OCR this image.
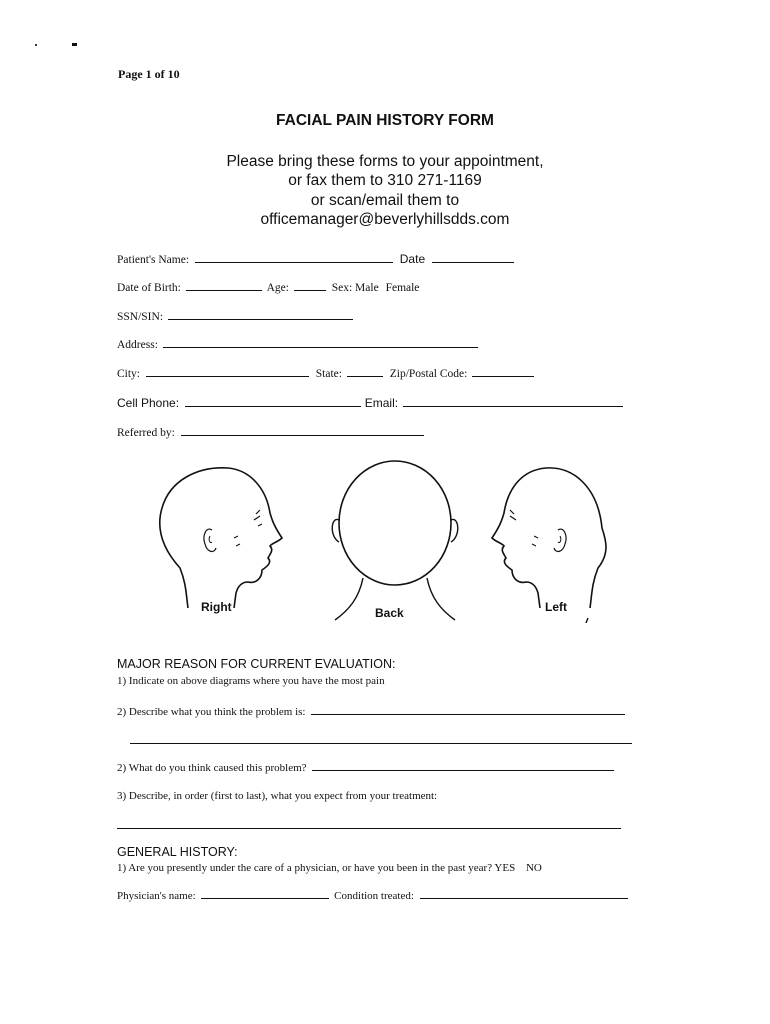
Page 1 of 10
FACIAL PAIN HISTORY FORM
Please bring these forms to your appointment,
or fax them to 310 271-1169
or scan/email them to
officemanager@beverlyhillsdds.com
Patient's Name:	Date
Date of Birth:	Age:	Sex: Male Female
SSN/SIN:
Address:
City:	State:	Zip/Postal Code:
Cell Phone:	Email:
Referred by:
Right	Back	Left
MAJOR REASON FOR CURRENT EVALUATION:
1) Indicate on above diagrams where you have the most pain
2) Describe what you think the problem is:
2) What do you think caused this problem?
3) Describe, in order (first to last), what you expect from your treatment:
GENERAL HISTORY:
1) Are you presently under the care of a physician, or have you been in the past year? YES NO
Physician's name:	Condition treated:
